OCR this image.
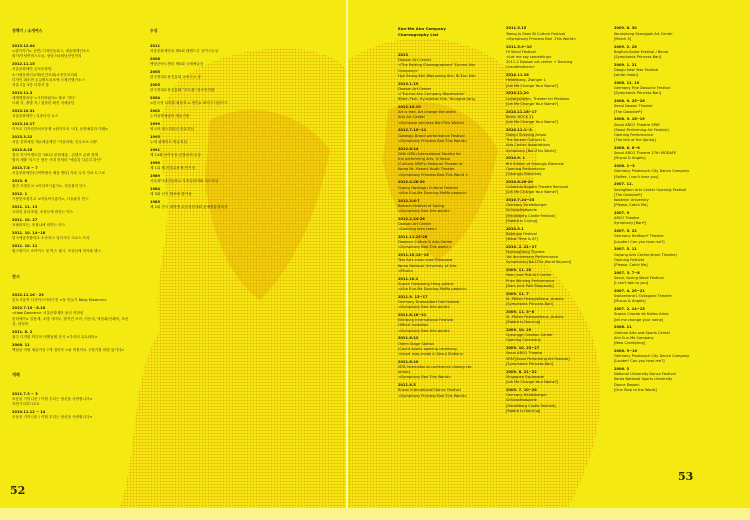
정책기 / 소개여스

2013.12.04
<살아지기> 공연/ 디자인들피고, 예술태개인소도
평가/이팅면비스트들, 성남스타원남선언민리
2012.11.15
서울문화예단 공모문화팀,
소시필문화인교제(인간조회)소진단조의회
디자인 대소먼 손글방트리보에 극제진행기소스
서울시통 3층 디하지 홀
2013.11.3
세계엔창되남 <시단처럼사> 플조 '지다'
트레 지, 출발 지 / 섭상한 좌진 지예술단
2013.10.31
서울문화에단 / 무용다인 요스
2013.10.17
이프로 디자인하치조문제 <원하모의 시대, 문학예술과 미래>
2013.3.22
서울 문화예당 개요예술제단 "서울의택, 인수조소그램"
2013.8.25
점주 이사이케트한 "2012 문화예술 - 콘텐츠 콘텐 정책
발의 세출 '리드는 생산 시대 전개의 "예술감 다른디 하인"
2013.7.8 ~ 7
서울문화에단(디씨박에서 배움 받다) 자문 수석 자료 트그보
2013. 8
출인 조형부교 <아일씨시좋기>, 사유뮬지 빈스
2012. 1
기풍맞조형부교 <아일씨시좋기>, 사유뮬지 빈스
2011. 11. 13
크라건 유라조형, 조음도에 비하는 아스
2011. 10. 27
포필러모든, 조정냐에 비하는 빈스
2011. 10. 14~18
한국예술종합학교 소속차스 일러시다 크로스 프라
2011. 10. 11
원스틸이스 소아이스 및 빅스 권시, 조상님에 미키와 댄스

전시

2012.11.16 - 23
본트시울적 디자이스이라곤전 <돌 만들기 Body Museum>
2012.7.15 - 8.16
<How Dancers> 서울문화재단 돌인 작화넘
문의예가> 김용재, 조명 사미도, 밝커진 조직, 이동석, 예상희/인쇄의, 조선
검, 파섬비
2011. 8. 2
광주 디지털 미디어 비엔날레 전시 <우리의 유토피아>
2008. 11
백남준 지원 예술가상 7개 경리목 <돌 비틀이로 구원기를 외엽 된기다>

개체

2011.7.3 ~ 3
조동울 기이니문 / 이힐 우리는 당신을 사랑합니다>
자연시지미디조로
2010.11.12 ~ 14
조동울 기이니문 / 이힐 우리는 당신을 사랑합니다>

수상

2011
서울문화재단의 제3회 레젠드투 상이구수상
2008
백남준아트센터 제5회 국제예술상
2005
한국현대무용진흥회 코리그스 상
2005
한국현대무용진흥회 "포트폴" 라소단작품
2004
<한국적 디아를 필문적 > 안인> 최저구시공이시
2002
누적움학예술단 생수거용
1999
영국학 내스미술인 한무지님
1995
누에 판체이트 안무지님
1991
제 14회 동아우동 콘클러의 수상
1990
제 1회 제 서울무용제 안기상
1989
서울광이내인들학교 부중강한대회 지도자상
1984
제 3회 신인 발포에 참가상
1983
제 2회 전국 대학생 무음창한대회 문예중통결의상

52

Eun-Me Ahn Company
Choreography List

2013
Doosan Art Center
<The Raising Choreographers" Eunme Ahn
Company>
Hye Seung Kim,Wanyoung Ahn, Bi Eun Kim
2013.1.19
Doosan Art Center
<"Eunme Ahn Company Repertories"
Bitam Park, Hyunjeban Kim, Youngrok Jang
2012.10.19
Art is free, Art change the world
Arts Art Center
<Sympose princess Bari-This World>
2012.7.10~11
Gwangju Brand performance Festival
<Symphony Princess Bari-This World>
2012.6.14
26th ISPA (international Society for
the performing Arts, in Seoul
(Cultural SPAFs) National Theater of
Korea Mr. Haneul Youth Theater
<Symphony Princess Bari-This World >
2012.4.28-29
Guang Hwaingju Cultural Festival
<Ahn Eun-Me Dancing MaMa project>
2012.3.6-7
Bahrain Festival of Spring
<Symphony Bari-this world>
2012.2.24-26
Doosan Art Center
<Dancing teen teen>
2011.11.25-26
Daejeon Culture & Arts Center
<Symphony Bari-This world >
2011.10.14~16
Test Arts cross road Showcase
Korea National University of Arts
<Plusk>
2011.10.2
Suwon Hwaseong Hang palace
<Ahn Eun-Me Dancing MaMa project>
2011.9. 15~17
Germany Duesseldorf Hall festival
<Symphony Bari-this world>
2011.8.18~21
Edinburg International Festival
Official invitation
<Symphony Bari-this world>
2011.6.12
Odem Stage Station
(Count down) opening ceremony
<heart map-made in Seoul Station>
2011.6.10
ISPA International conference closing cer-
emony
<Symphony Bari-This World>
2011.6.5
Busan International Dance Festival
<Symphony Princess Bari-This World>

2011.5.15
Yeong Ju Seon Bi Culture Festival
<Symphony Princess Bari -This World>
2011.5.9~10
Hi Seoul Festival
<Let me say something>
2011-2 Doosan art center + Dancing
Grandmothers>
2010.11.26
Heidelberg, Zwinger 1
[Let Me Change Your Name?]
2010.11.20
Ludwigshafen, Theater Im Pfalzbau
[Let Me Change Your Name?]
2010.11.16~17
Berlin HOCK 11
[Let Me Change Your Name?]
2010.11.1~3
Daegu Suseong Artpia
The Korean Cultural &
Arts Center Associations
Symphony [Bari-This World]
2010.9. 1
8th Edition of Gwangju Biennale
Opening Performance
[Gwangju Biennale]
2010.8.26-29
Colombia Bogota Theatre Recional
[Let Me Change Your Name?]
2010.7.24~25
Germany Heidelberger
Schlossfestspiele
[Heidelberg Castle Festival]
[Rabbit is Crying]
2010.5.1
Batangal Festival
[What Time Is It?]
2010. 2. 21~27
MyeongDong Theatre
1st Anniversary Performance
Symphonia [Bari-The World Beyond]
2009. 11. 20
Nam June Paik Art Center
Prize Winning Performance
[Nam June Paik Rhapsody]
2009. 11. 7
St. Pölten Festspielhaus, Austria
[Symphonia Princess Bari]
2009. 11. 5~6
St. Pölten Festspielhaus, Austria
[Rabbit is Dancing]
2009. 10. 29
Gyeonggi Creation Center
Opening Ceremony
2009. 10. 25~27
Seoul ARCO Theatre
SPAF[Seoul Performing Art Festival]
[Symphonia Princess Bari]
2009. 8. 21~22
Singapore Esplanade
[Let Me Change Your Name?]
2009. 7. 10~26
Germany Heidelberger
Schlossfestspiele
[Heidelberg Castle Festival]
[Rabbit is Dancing]

2009. 6. 30
Keumjeong Seonggok Art Center
[March 5]
2009. 2. 28
Bagfum-Korea Festival / Bonar
[Symphonia Princess Bari]
2009. 1. 21
Daegu New Year Festival
[white moon]
2008. 11. 19
Germany Fine Dasuche Festival
[Symphonia Princess Bari]
2008. 9. 25~26
Seoul Nowon Theatre
[The Gwonbel*]
2008. 9. 18~19
Seoul ARCO Theatre SPAF
(Seoul Performing Art Festival)
Opening Performance
[The kite of the Spring]
2008. 6. 6~8
Seoul ARCO Theatre 27th MODAFE
[Mucus & Angels]
2008. 1~3
Germany Pinabauch City Dance Company
[Selfee, I can't hear you]
2007. 11.
SeongNam Arts Center Opening Festival
[The Gwonbel*]
Kookmin University
[Please, Catch Me]
2007. 9
ARCO Theatre
Symphony [Bari*]
2007. 5. 22
Germany Heilbron* Theatre
[Louder! Can you hear me?]
2007. 5. 11
Goyang Arts Center(Aram Theatre)
Opening Festival
[Please, Catch Me]
2007. 3. 7~8
Seoul, Spring Wave Festival
[I can't talk to you]
2007. 4. 20~21
Switzerland L'Octagone Theatre
[Mucus & Angels]
2007. 2. 14~15
Suwon Ciroute de Nalles Artes
[let me change your name]
2006. 11
Gimhae Arts and Sports Center
Ahn Eun Me Company
[New Crankyeng]
2006. 9~10
Germany Pinabauch City Dance Company
[Louder! Can you hear me?]
2006. 5
National University Dance Festival
Korea National Sports University
Dance Depart.
[One Step to the World]

53
